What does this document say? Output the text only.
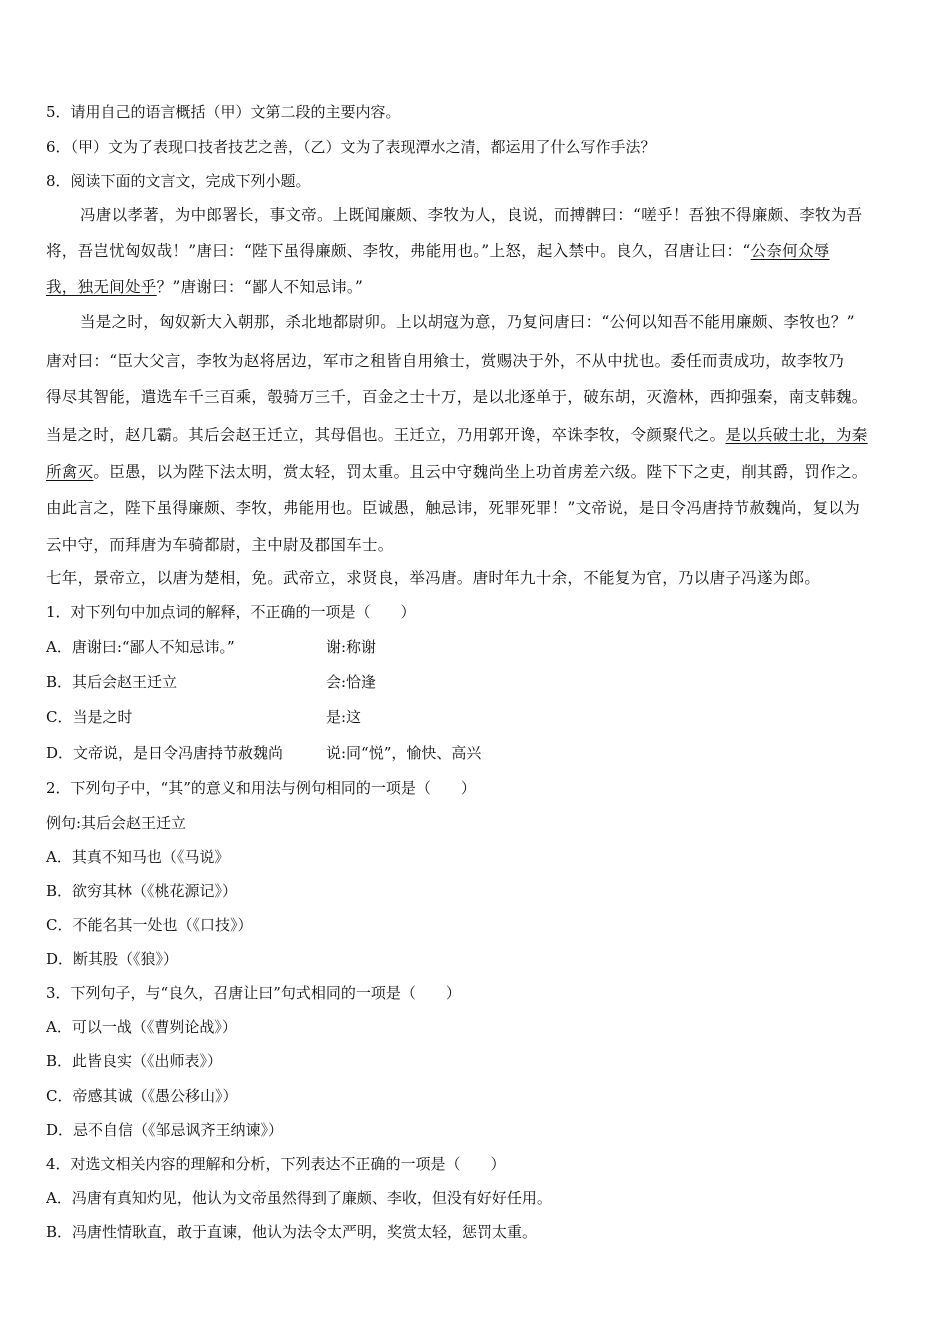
5．请用自己的语言概括（甲）文第二段的主要内容。
6．（甲）文为了表现口技者技艺之善，（乙）文为了表现潭水之清，都运用了什么写作手法？
8．阅读下面的文言文，完成下列小题。
冯唐以孝著，为中郎署长，事文帝。上既闻廉颇、李牧为人，良说，而搏髀曰：“嗟乎！吾独不得廉颇、李牧为吾
将，吾岂忧匈奴哉！”唐曰：“陛下虽得廉颇、李牧，弗能用也。”上怒，起入禁中。良久，召唐让曰：“公奈何众辱
我，独无间处乎？”唐谢曰：“鄙人不知忌讳。”
当是之时，匈奴新大入朝那，杀北地都尉卯。上以胡寇为意，乃复问唐曰：“公何以知吾不能用廉颇、李牧也？”
唐对曰：“臣大父言，李牧为赵将居边，军市之租皆自用飨士，赏赐决于外，不从中扰也。委任而责成功，故李牧乃
得尽其智能，遣选车千三百乘，彀骑万三千，百金之士十万，是以北逐单于，破东胡，灭澹林，西抑强秦，南支韩魏。
当是之时，赵几霸。其后会赵王迁立，其母倡也。王迁立，乃用郭开谗，卒诛李牧，令颜聚代之。是以兵破士北，为秦
所禽灭。臣愚，以为陛下法太明，赏太轻，罚太重。且云中守魏尚坐上功首虏差六级。陛下下之吏，削其爵，罚作之。
由此言之，陛下虽得廉颇、李牧，弗能用也。臣诚愚，触忌讳，死罪死罪！”文帝说，是日令冯唐持节赦魏尚，复以为
云中守，而拜唐为车骑都尉，主中尉及郡国车士。
七年，景帝立，以唐为楚相，免。武帝立，求贤良，举冯唐。唐时年九十余，不能复为官，乃以唐子冯遂为郎。
1．对下列句中加点词的解释，不正确的一项是（　　）
A．唐谢曰:“鄙人不知忌讳。”	谢:称谢
B．其后会赵王迁立	会:恰逢
C．当是之时	是:这
D．文帝说，是日令冯唐持节赦魏尚	说:同“悦”，愉快、高兴
2．下列句子中，“其”的意义和用法与例句相同的一项是（　　）
例句:其后会赵王迁立
A．其真不知马也（《马说》
B．欲穷其林（《桃花源记》）
C．不能名其一处也（《口技》）
D．断其股（《狼》）
3．下列句子，与“良久，召唐让曰”句式相同的一项是（　　）
A．可以一战（《曹刿论战》）
B．此皆良实（《出师表》）
C．帝感其诚（《愚公移山》）
D．忌不自信（《邹忌讽齐王纳谏》）
4．对选文相关内容的理解和分析，下列表达不正确的一项是（　　）
A．冯唐有真知灼见，他认为文帝虽然得到了廉颇、李收，但没有好好任用。
B．冯唐性情耿直，敢于直谏，他认为法令太严明，奖赏太轻，惩罚太重。
